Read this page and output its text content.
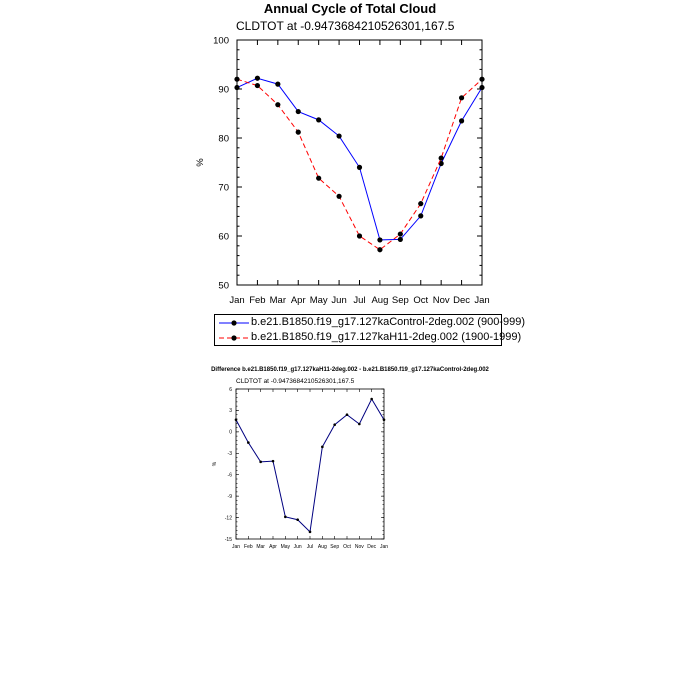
Annual Cycle of Total Cloud
CLDTOT at -0.9473684210526301,167.5
Jan Feb Mar Apr May Jun Jul Aug Sep Oct Nov Dec Jan
50
60
70
80
90
100
%
b.e21.B1850.f19_g17.127kaControl-2deg.002 (900-999)
b.e21.B1850.f19_g17.127kaH11-2deg.002 (1900-1999)
Difference b.e21.B1850.f19_g17.127kaH11-2deg.002 - b.e21.B1850.f19_g17.127kaControl-2deg.002
CLDTOT at -0.9473684210526301,167.5
Jan Feb Mar Apr May Jun Jul Aug Sep Oct Nov Dec Jan
-15
-12
-9
-6
-3
0
3
6
%
